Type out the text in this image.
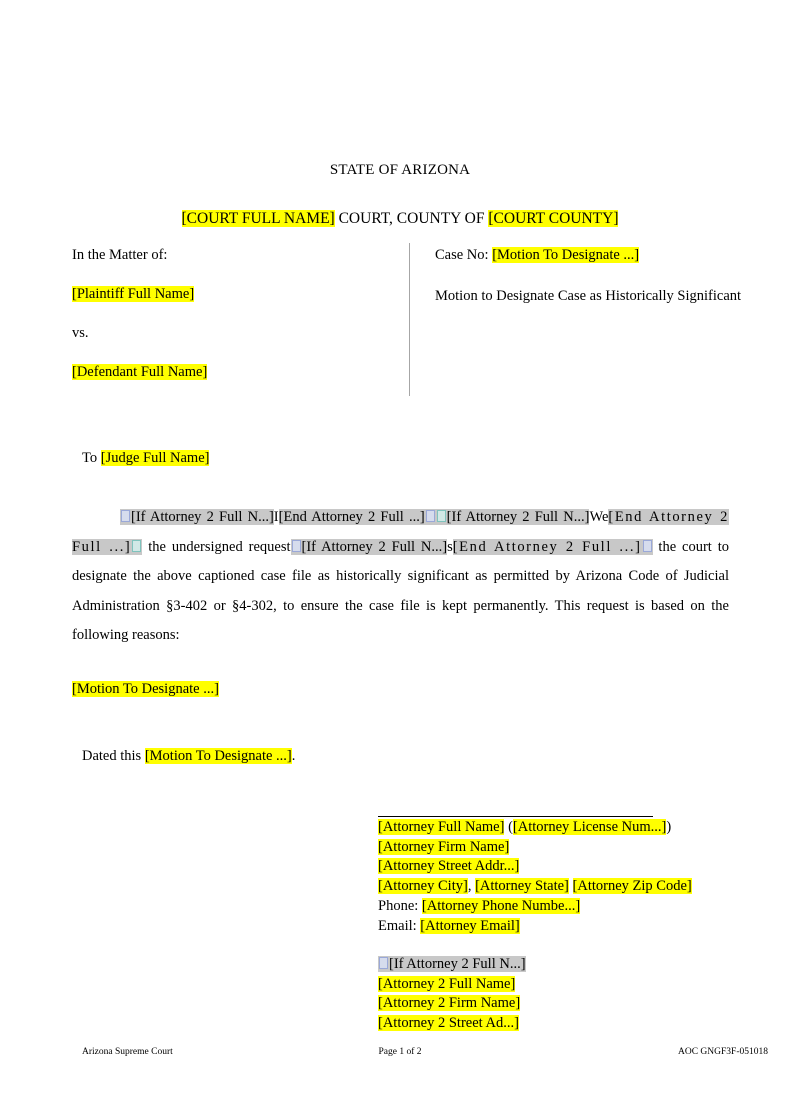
STATE OF ARIZONA
[COURT FULL NAME] COURT, COUNTY OF [COURT COUNTY]
In the Matter of:
[Plaintiff Full Name]
vs.
[Defendant Full Name]
Case No: [Motion To Designate ...]
Motion to Designate Case as Historically Significant
To [Judge Full Name]
[If Attorney 2 Full N...]I[End Attorney 2 Full ...] [If Attorney 2 Full N...]We[End Attorney 2 Full ...] the undersigned request [If Attorney 2 Full N...]s[End Attorney 2 Full ...] the court to designate the above captioned case file as historically significant as permitted by Arizona Code of Judicial Administration §3-402 or §4-302, to ensure the case file is kept permanently. This request is based on the following reasons:
[Motion To Designate ...]
Dated this [Motion To Designate ...].
[Attorney Full Name] ([Attorney License Num...])
[Attorney Firm Name]
[Attorney Street Addr...]
[Attorney City], [Attorney State] [Attorney Zip Code]
Phone: [Attorney Phone Numbe...]
Email: [Attorney Email]
[If Attorney 2 Full N...]
[Attorney 2 Full Name]
[Attorney 2 Firm Name]
[Attorney 2 Street Ad...]
Arizona Supreme Court	Page 1 of 2	AOC GNGF3F-051018
